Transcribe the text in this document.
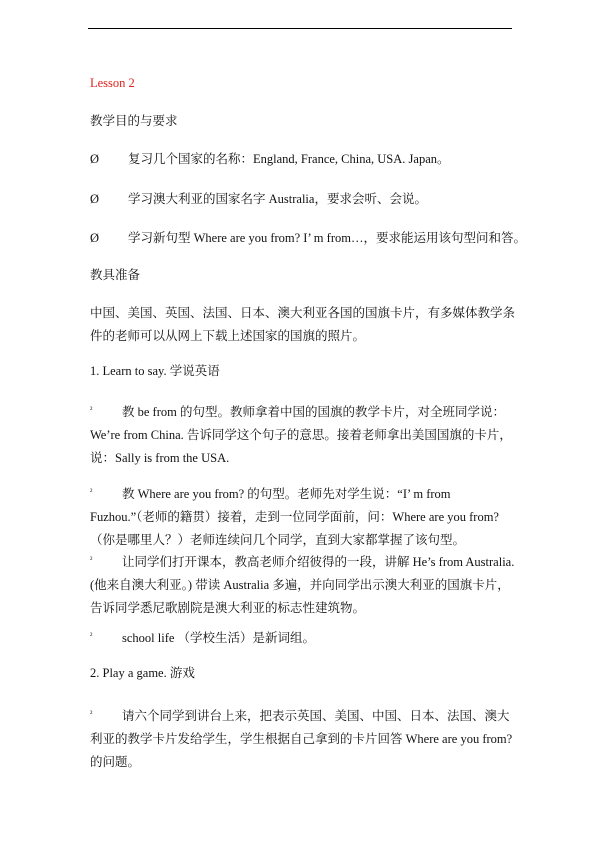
Lesson 2
教学目的与要求
Ø 复习几个国家的名称：England, France, China, USA. Japan。
Ø 学习澳大利亚的国家名字 Australia，要求会听、会说。
Ø 学习新句型 Where are you from? I’ m from…，要求能运用该句型问和答。
教具准备
中国、美国、英国、法国、日本、澳大利亚各国的国旗卡片，有多媒体教学条件的老师可以从网上下载上述国家的国旗的照片。
1. Learn to say. 学说英语
² 教 be from 的句型。教师拿着中国的国旗的教学卡片，对全班同学说：We’re from China. 告诉同学这个句子的意思。接着老师拿出美国国旗的卡片，说：Sally is from the USA.
² 教 Where are you from? 的句型。老师先对学生说：“I’ m from Fuzhou.”（老师的籍贯）接着，走到一位同学面前，问：Where are you from?（你是哪里人？）老师连续问几个同学，直到大家都掌握了该句型。
² 让同学们打开课本，教高老师介绍彼得的一段，讲解 He’s from Australia.(他来自澳大利亚。) 带读 Australia 多遍，并向同学出示澳大利亚的国旗卡片，告诉同学悉尼歌剧院是澳大利亚的标志性建筑物。
² school life （学校生活）是新词组。
2. Play a game. 游戏
² 请六个同学到讲台上来，把表示英国、美国、中国、日本、法国、澳大利亚的教学卡片发给学生，学生根据自己拿到的卡片回答 Where are you from?的问题。
